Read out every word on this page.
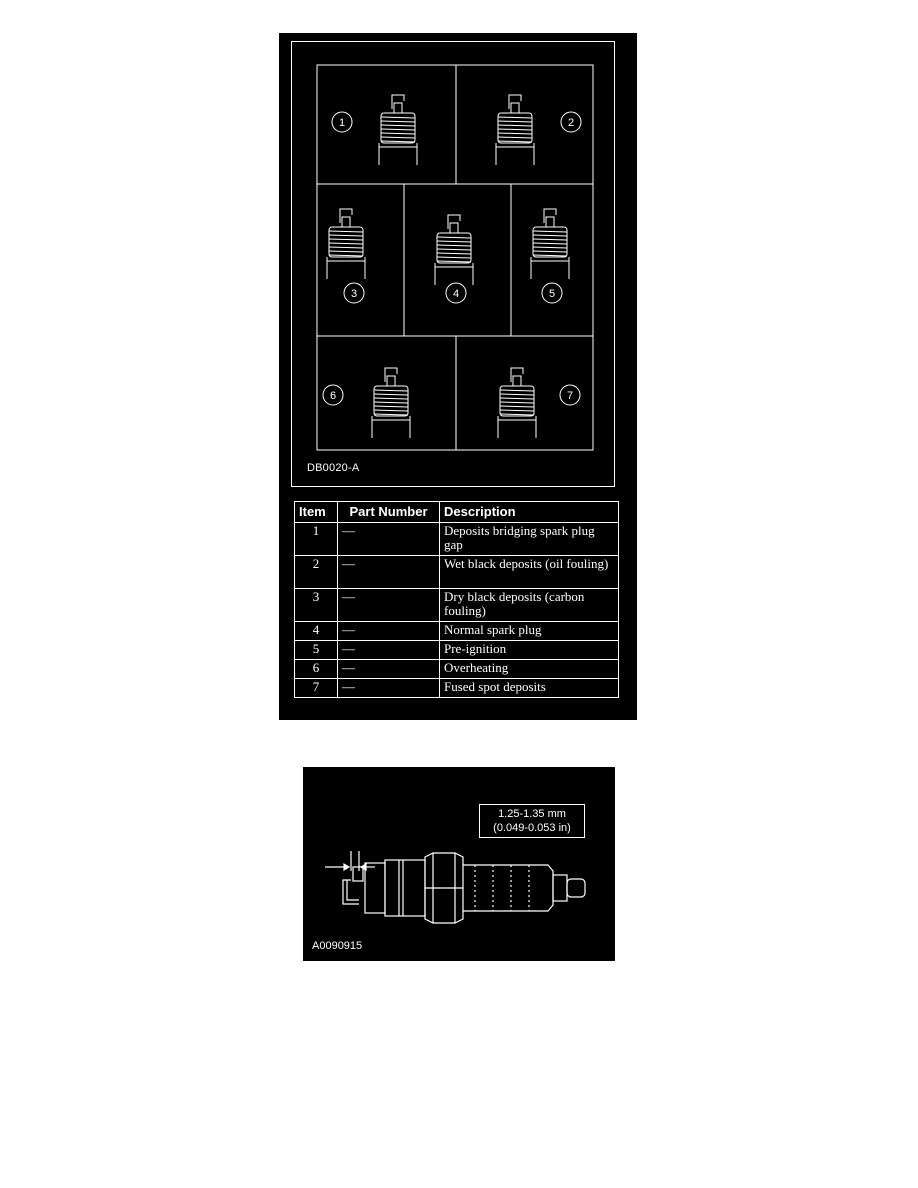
1	2
3	4	5
6	7
DB0020-A
Item	Part Number	Description
1	—	Deposits bridging spark plug gap
2	—	Wet black deposits (oil fouling)
3	—	Dry black deposits (carbon fouling)
4	—	Normal spark plug
5	—	Pre-ignition
6	—	Overheating
7	—	Fused spot deposits
1.25-1.35 mm
(0.049-0.053 in)
A0090915
